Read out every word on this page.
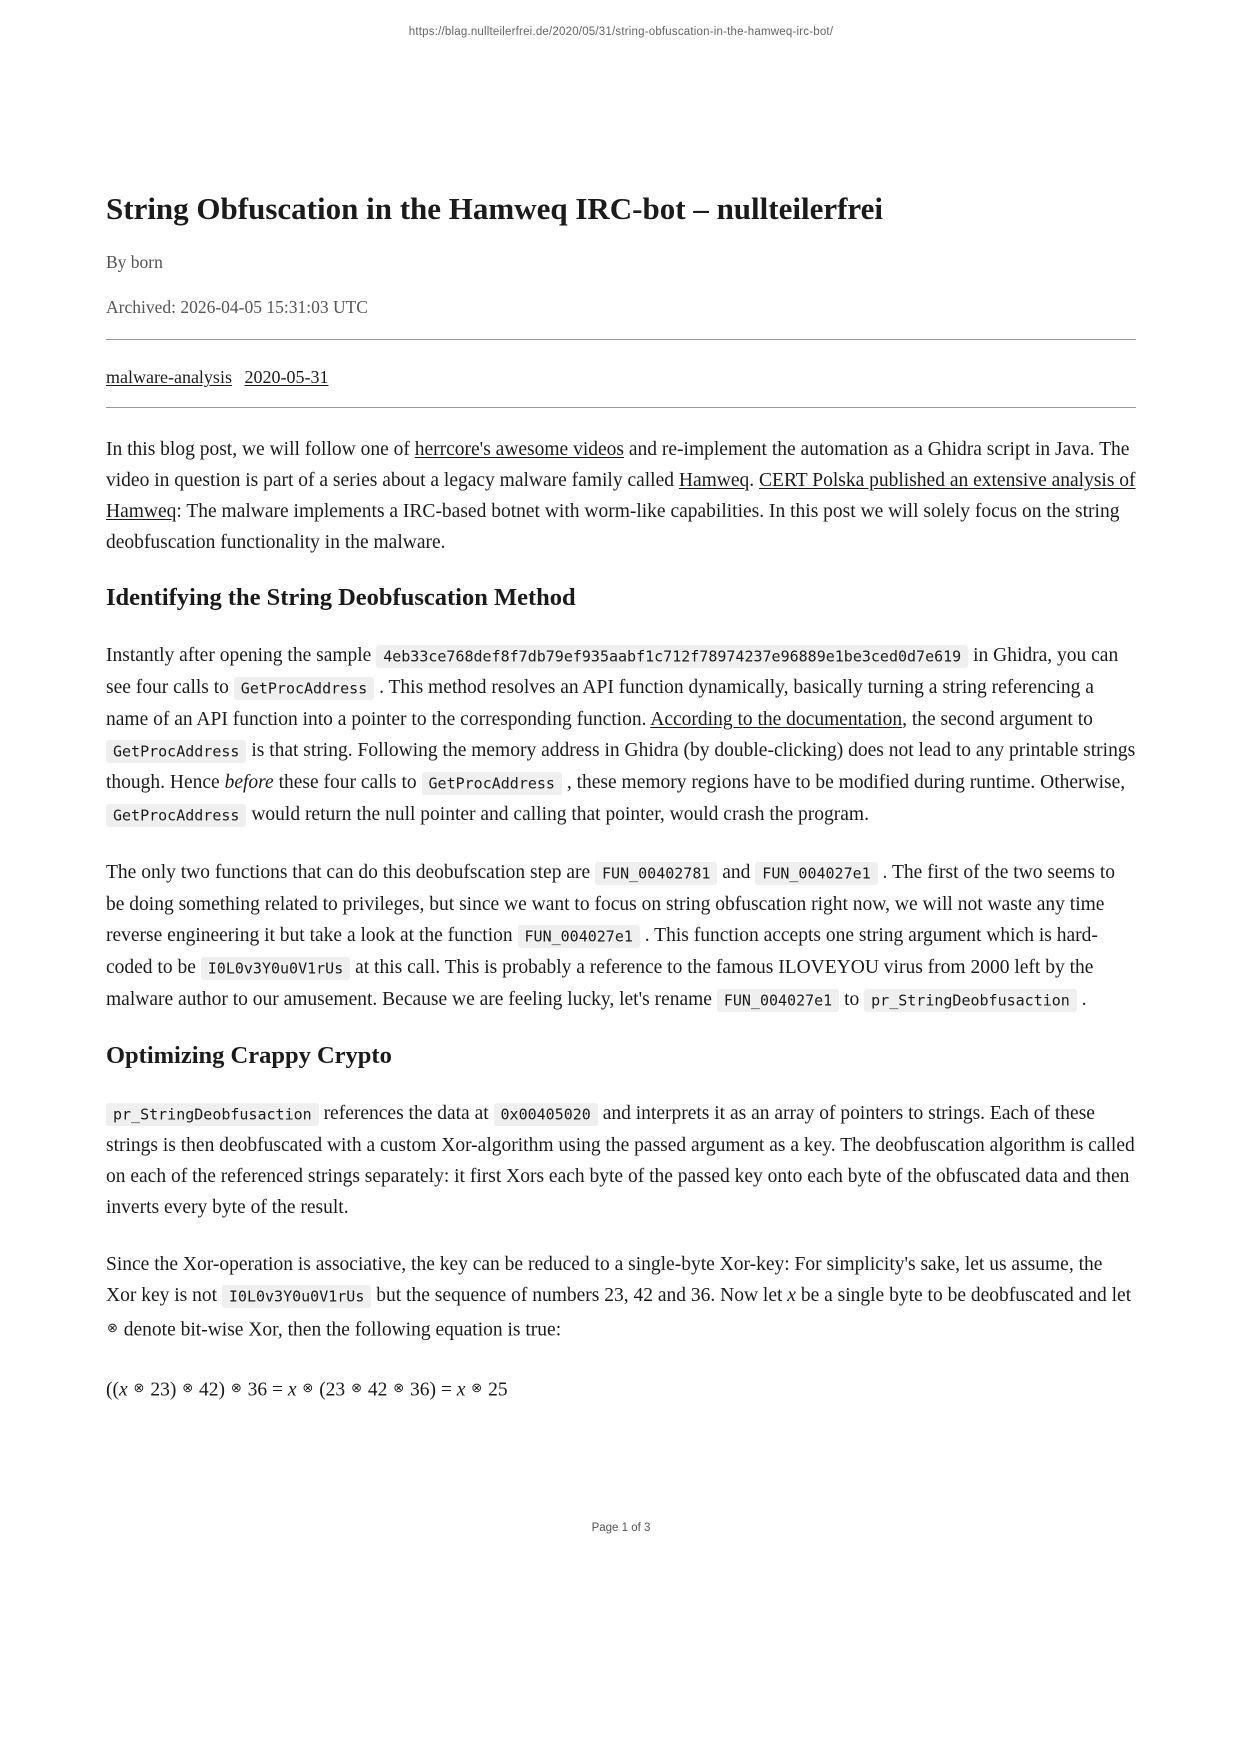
https://blag.nullteilerfrei.de/2020/05/31/string-obfuscation-in-the-hamweq-irc-bot/
String Obfuscation in the Hamweq IRC-bot – nullteilerfrei

By born

Archived: 2026-04-05 15:31:03 UTC

malware-analysis 2020-05-31

In this blog post, we will follow one of herrcore's awesome videos and re-implement the automation as a Ghidra script in Java. The video in question is part of a series about a legacy malware family called Hamweq. CERT Polska published an extensive analysis of Hamweq: The malware implements a IRC-based botnet with worm-like capabilities. In this post we will solely focus on the string deobfuscation functionality in the malware.

Identifying the String Deobfuscation Method

Instantly after opening the sample 4eb33ce768def8f7db79ef935aabf1c712f78974237e96889e1be3ced0d7e619 in Ghidra, you can see four calls to GetProcAddress . This method resolves an API function dynamically, basically turning a string referencing a name of an API function into a pointer to the corresponding function. According to the documentation, the second argument to GetProcAddress is that string. Following the memory address in Ghidra (by double-clicking) does not lead to any printable strings though. Hence before these four calls to GetProcAddress , these memory regions have to be modified during runtime. Otherwise, GetProcAddress would return the null pointer and calling that pointer, would crash the program.

The only two functions that can do this deobufscation step are FUN_00402781 and FUN_004027e1 . The first of the two seems to be doing something related to privileges, but since we want to focus on string obfuscation right now, we will not waste any time reverse engineering it but take a look at the function FUN_004027e1 . This function accepts one string argument which is hard-coded to be I0L0v3Y0u0V1rUs at this call. This is probably a reference to the famous ILOVEYOU virus from 2000 left by the malware author to our amusement. Because we are feeling lucky, let's rename FUN_004027e1 to pr_StringDeobfusaction .

Optimizing Crappy Crypto

pr_StringDeobfusaction references the data at 0x00405020 and interprets it as an array of pointers to strings. Each of these strings is then deobfuscated with a custom Xor-algorithm using the passed argument as a key. The deobfuscation algorithm is called on each of the referenced strings separately: it first Xors each byte of the passed key onto each byte of the obfuscated data and then inverts every byte of the result.

Since the Xor-operation is associative, the key can be reduced to a single-byte Xor-key: For simplicity's sake, let us assume, the Xor key is not I0L0v3Y0u0V1rUs but the sequence of numbers 23, 42 and 36. Now let x be a single byte to be deobfuscated and let ⊗ denote bit-wise Xor, then the following equation is true:

((x ⊗ 23) ⊗ 42) ⊗ 36 = x ⊗ (23 ⊗ 42 ⊗ 36) = x ⊗ 25

Page 1 of 3
